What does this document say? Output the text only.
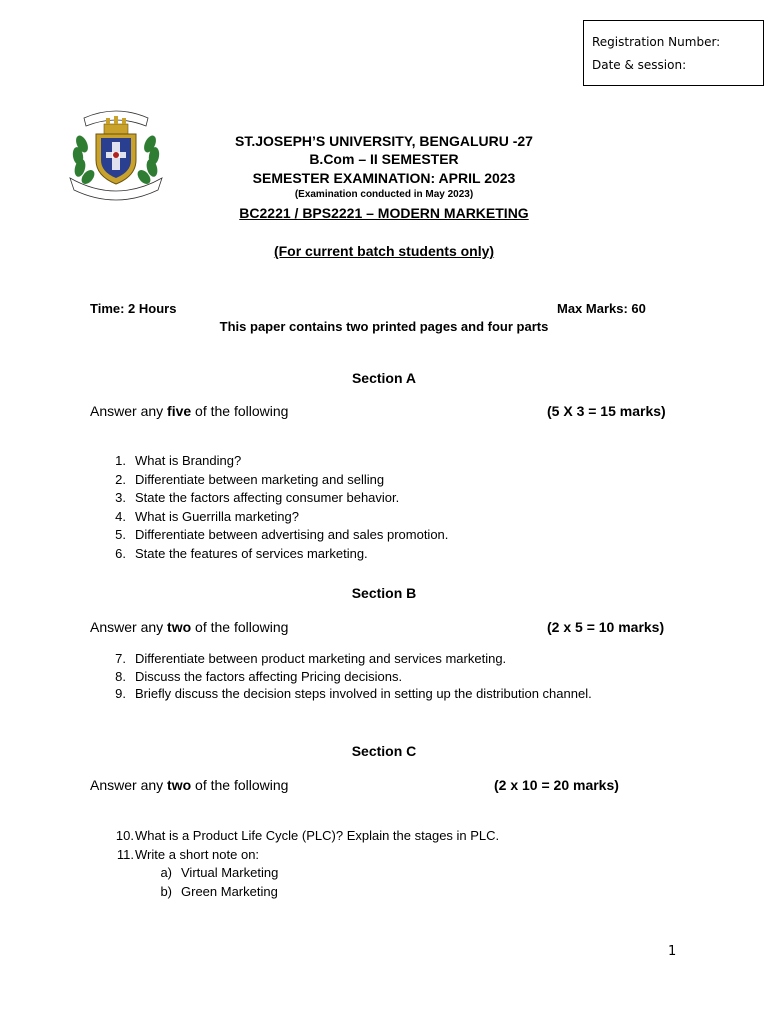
Registration Number:
Date & session:
ST.JOSEPH’S UNIVERSITY, BENGALURU -27
B.Com – II SEMESTER
SEMESTER EXAMINATION: APRIL 2023
(Examination conducted in May 2023)
BC2221 / BPS2221 – MODERN MARKETING
(For current batch students only)
Time: 2 Hours	Max Marks: 60
This paper contains two printed pages and four parts
Section A
Answer any five of the following	(5 X 3 = 15 marks)
1. What is Branding?
2. Differentiate between marketing and selling
3. State the factors affecting consumer behavior.
4. What is Guerrilla marketing?
5. Differentiate between advertising and sales promotion.
6. State the features of services marketing.
Section B
Answer any two of the following	(2 x 5 = 10 marks)
7. Differentiate between product marketing and services marketing.
8. Discuss the factors affecting Pricing decisions.
9. Briefly discuss the decision steps involved in setting up the distribution channel.
Section C
Answer any two of the following	(2 x 10 = 20 marks)
10. What is a Product Life Cycle (PLC)? Explain the stages in PLC.
11. Write a short note on:
a) Virtual Marketing
b) Green Marketing
1
